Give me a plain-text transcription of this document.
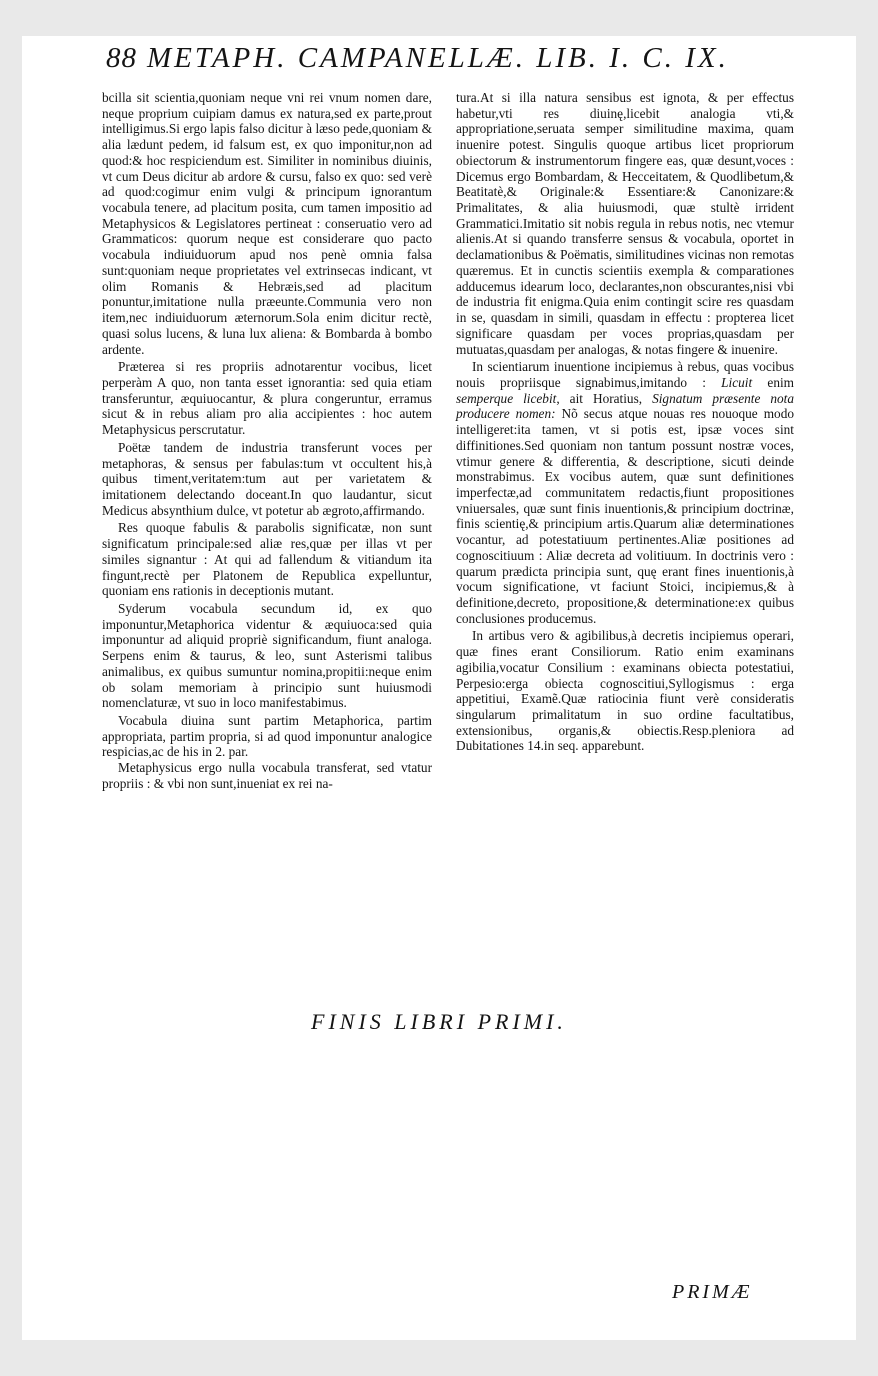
88 METAPH. CAMPANELLÆ. LIB. I. C. IX.

bcilla sit scientia,quoniam neque vni rei vnum nomen dare, neque proprium cuipiam damus ex natura,sed ex parte,prout intelligimus.Si ergo lapis falso dicitur à læso pede,quoniam & alia lædunt pedem, id falsum est, ex quo imponitur,non ad quod:& hoc respiciendum est. Similiter in nominibus diuinis, vt cum Deus dicitur ab ardore & cursu, falso ex quo: sed verè ad quod:cogimur enim vulgi & principum ignorantum vocabula tenere, ad placitum posita, cum tamen impositio ad Metaphysicos & Legislatores pertineat : conseruatio vero ad Grammaticos: quorum neque est considerare quo pacto vocabula indiuiduorum apud nos penè omnia falsa sunt:quoniam neque proprietates vel extrinsecas indicant, vt olim Romanis & Hebræis,sed ad placitum ponuntur,imitatione nulla præeunte.Communia vero non item,nec indiuiduorum æternorum.Sola enim dicitur rectè, quasi solus lucens, & luna lux aliena: & Bombarda à bombo ardente.

Præterea si res propriis adnotarentur vocibus, licet perperàm A quo, non tanta esset ignorantia: sed quia etiam transferuntur, æquiuocantur, & plura congeruntur, erramus sicut & in rebus aliam pro alia accipientes : hoc autem Metaphysicus perscrutatur.

Poëtæ tandem de industria transferunt voces per metaphoras, & sensus per fabulas:tum vt occultent his,à quibus timent,veritatem:tum aut per varietatem & imitationem delectando doceant.In quo laudantur, sicut Medicus absynthium dulce, vt potetur ab ægroto,affirmando.

Res quoque fabulis & parabolis significatæ, non sunt significatum principale:sed aliæ res,quæ per illas vt per similes signantur : At qui ad fallendum & vitiandum ita fingunt,rectè per Platonem de Republica expelluntur, quoniam ens rationis in deceptionis mutant.

Syderum vocabula secundum id, ex quo imponuntur,Metaphorica videntur & æquiuoca:sed quia imponuntur ad aliquid propriè significandum, fiunt analoga. Serpens enim & taurus, & leo, sunt Asterismi talibus animalibus, ex quibus sumuntur nomina,propitii:neque enim ob solam memoriam à principio sunt huiusmodi nomenclaturæ, vt suo in loco manifestabimus.

Vocabula diuina sunt partim Metaphorica, partim appropriata, partim propria, si ad quod imponuntur analogice respicias,ac de his in 2. par.

Metaphysicus ergo nulla vocabula transferat, sed vtatur propriis : & vbi non sunt,inueniat ex rei na-

tura.At si illa natura sensibus est ignota, & per effectus habetur,vti res diuinę,licebit analogia vti,& appropriatione,seruata semper similitudine maxima, quam inuenire potest. Singulis quoque artibus licet propriorum obiectorum & instrumentorum fingere eas, quæ desunt,voces : Dicemus ergo Bombardam, & Hecceitatem, & Quodlibetum,& Beatitatè,& Originale:& Essentiare:& Canonizare:& Primalitates, & alia huiusmodi, quæ stultè irrident Grammatici.Imitatio sit nobis regula in rebus notis, nec vtemur alienis.At si quando transferre sensus & vocabula, oportet in declamationibus & Poëmatis, similitudines vicinas non remotas quæremus. Et in cunctis scientiis exempla & comparationes adducemus idearum loco, declarantes,non obscurantes,nisi vbi de industria fit enigma.Quia enim contingit scire res quasdam in se, quasdam in simili, quasdam in effectu : propterea licet significare quasdam per voces proprias,quasdam per mutuatas,quasdam per analogas, & notas fingere & inuenire.

In scientiarum inuentione incipiemus à rebus, quas vocibus nouis propriisque signabimus,imitando : Licuit enim semperque licebit, ait Horatius, Signatum præsente nota producere nomen: Nõ secus atque nouas res nouoque modo intelligeret:ita tamen, vt si potis est, ipsæ voces sint diffinitiones.Sed quoniam non tantum possunt nostræ voces, vtimur genere & differentia, & descriptione, sicuti deinde monstrabimus. Ex vocibus autem, quæ sunt definitiones imperfectæ,ad communitatem redactis,fiunt propositiones vniuersales, quæ sunt finis inuentionis,& principium doctrinæ, finis scientię,& principium artis.Quarum aliæ determinationes vocantur, ad potestatiuum pertinentes.Aliæ positiones ad cognoscitiuum : Aliæ decreta ad volitiuum. In doctrinis vero : quarum prædicta principia sunt, quę erant fines inuentionis,à vocum significatione, vt faciunt Stoici, incipiemus,& à definitione,decreto, propositione,& determinatione:ex quibus conclusiones producemus.

In artibus vero & agibilibus,à decretis incipiemus operari, quæ fines erant Consiliorum. Ratio enim examinans agibilia,vocatur Consilium : examinans obiecta potestatiui, Perpesio:erga obiecta cognoscitiui,Syllogismus : erga appetitiui, Examẽ.Quæ ratiocinia fiunt verè consideratis singularum primalitatum in suo ordine facultatibus, extensionibus, organis,& obiectis.Resp.pleniora ad Dubitationes 14.in seq. apparebunt.

FINIS LIBRI PRIMI.
PRIMÆ
